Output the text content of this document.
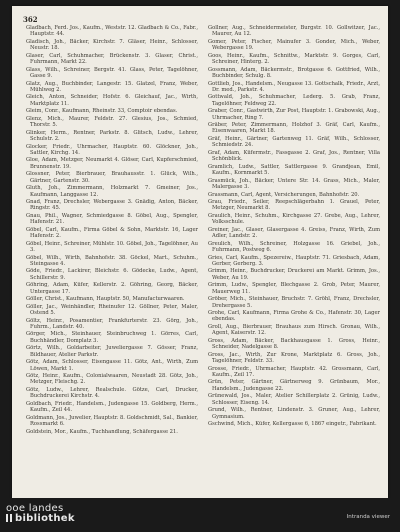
362

Gladbach, Ferd. Jos., Kaufm., Weststr. 12. Gladbach & Co., Fabr., Hauptstr. 44.

Gladisch, Joh., Bäcker, Kirchstr. 7. Gläser, Heinr., Schlosser, Neustr. 18.

Glaser, Carl, Schuhmacher, Brückenstr. 3. Glaser, Christ., Fuhrmann, Markt 22.

Glass, Wilh., Schreiner, Bergstr. 41. Glass, Peter, Tagelöhner, Gasse 9.

Glatz, Aug., Buchbinder, Langestr. 15. Glatzel, Franz, Weber, Mühlweg 2.

Gleich, Anton, Schneider, Hofstr. 6. Gleichauf, Jac., Wirth, Marktplatz 11.

Gleim, Conr., Kaufmann, Rheinstr. 33, Comptoir ebendas.

Glenz, Mich., Maurer, Feldstr. 27. Glesius, Jos., Schmied, Thorstr. 5.

Glinker, Herm., Rentner, Parkstr. 8. Glitsch, Ludw., Lehrer, Schulstr. 2.

Glocker, Friedr., Uhrmacher, Hauptstr. 60. Glöckner, Joh., Sattler, Kirchg. 14.

Gloe, Adam, Metzger, Neumarkt 4. Glöser, Carl, Kupferschmied, Brunnenstr. 19.

Glossner, Peter, Bierbrauer, Brauhausstr. 1. Glück, Wilh., Gärtner, Gartenstr. 30.

Gluth, Joh., Zimmermann, Holzmarkt 7. Gmeiner, Jos., Kaufmann, Langgasse 12.

Gnad, Franz, Drechsler, Webergasse 3. Gnädig, Anton, Bäcker, Ringstr. 45.

Gnau, Phil., Wagner, Schmiedgasse 8. Göbel, Aug., Spengler, Hafenstr. 21.

Göbel, Carl, Kaufm., Firma Göbel & Sohn, Marktstr. 16, Lager Hafenstr. 2.

Göbel, Heinr., Schreiner, Mühlstr. 10. Göbel, Joh., Tagelöhner, Au 3.

Göbel, Wilh., Wirth, Bahnhofstr. 38. Göckel, Mart., Schuhm., Steingasse 4.

Göde, Friedr., Lackirer, Bleichstr. 6. Gödecke, Ludw., Agent, Schillerstr. 9.

Göhring, Adam, Küfer, Kellerstr. 2. Göhring, Georg, Bäcker, Untergasse 17.

Göller, Christ., Kaufmann, Hauptstr. 50, Manufacturwaaren.

Göller, Jac., Weinhändler, Rheinufer 12. Göllner, Peter, Maler, Ostend 5.

Göltz, Heinr., Posamentier, Frankfurterstr. 23. Görg, Joh., Fuhrm., Landstr. 40.

Görger, Mich., Steinhauer, Steinbruchweg 1. Görres, Carl, Buchhändler, Domplatz 3.

Görtz, Wilh., Goldarbeiter, Juweliergasse 7. Gösser, Franz, Bildhauer, Atelier Parkstr.

Götz, Adam, Schlosser, Eisengasse 11. Götz, Ant., Wirth, Zum Löwen, Markt 1.

Götz, Heinr., Kaufm., Colonialwaaren, Neustadt 28. Götz, Joh., Metzger, Fleischg. 2.

Götz, Ludw., Lehrer, Realschule. Götze, Carl, Drucker, Buchdruckerei Kirchstr. 4.

Goldbach, Friedr., Handelsm., Judengasse 15. Goldberg, Herm., Kaufm., Zeil 44.

Goldmann, Jos., Juwelier, Hauptstr. 8. Goldschmidt, Sal., Bankier, Rossmarkt 6.

Goldstein, Mor., Kaufm., Tuchhandlung, Schäfergasse 21.

Gollner, Aug., Schneidermeister, Burgstr. 10. Gollwitzer, Jac., Maurer, Au 12.

Gomer, Peter, Fischer, Mainufer 3. Gonder, Mich., Weber, Webergasse 19.

Goos, Heinr., Kaufm., Schnittw., Marktstr. 9. Gorges, Carl, Schreiner, Hinterg. 2.

Gossmann, Adam, Bäckermstr., Brotgasse 6. Gottfried, Wilh., Buchbinder, Schulg. 8.

Gottlieb, Jos., Handelsm., Neugasse 13. Gottschalk, Friedr., Arzt, Dr. med., Parkstr. 4.

Gottwald, Joh., Schuhmacher, Lederg. 5. Grab, Franz, Tagelöhner, Feldweg 22.

Graber, Conr., Gastwirth, Zur Post, Hauptstr. 1. Grabowski, Aug., Uhrmacher, Ring 7.

Gräber, Peter, Zimmermann, Holzhof 3. Gräf, Carl, Kaufm., Eisenwaaren, Markt 18.

Gräf, Heinr., Gärtner, Gartenweg 11. Gräf, Wilh., Schlosser, Schmiedstr. 24.

Graf, Adam, Küfermstr., Fassgasse 2. Graf, Jos., Rentner, Villa Schönblick.

Gramlich, Ludw., Sattler, Sattlergasse 9. Grandjean, Emil, Kaufm., Kornmarkt 5.

Grasmück, Joh., Bäcker, Untere Str. 14. Grass, Mich., Maler, Malergasse 3.

Grassmann, Carl, Agent, Versicherungen, Bahnhofstr. 20.

Grau, Friedr., Seiler, Reepschlägerbahn 1. Grauel, Peter, Metzger, Neumarkt 8.

Graulich, Heinr., Schuhm., Kirchgasse 27. Grebe, Aug., Lehrer, Volksschule.

Greiner, Jac., Glaser, Glasergasse 4. Greiss, Franz, Wirth, Zum Adler, Landstr. 2.

Greulich, Wilh., Schreiner, Holzgasse 16. Griebel, Joh., Fuhrmann, Postweg 6.

Gries, Carl, Kaufm., Spezereiw., Hauptstr. 71. Griesbach, Adam, Gerber, Gerberg. 3.

Grimm, Heinr., Buchdrucker, Druckerei am Markt. Grimm, Jos., Weber, Au 19.

Grimm, Ludw., Spengler, Blechgasse 2. Grob, Peter, Maurer, Mauerweg 11.

Gröber, Mich., Steinhauer, Bruchstr. 7. Gröhl, Franz, Drechsler, Drehergasse 5.

Grohe, Carl, Kaufmann, Firma Grohe & Co., Hafenstr. 30, Lager ebendas.

Groll, Aug., Bierbrauer, Brauhaus zum Hirsch. Gronau, Wilh., Agent, Kaiserstr. 12.

Gross, Adam, Bäcker, Backhausgasse 1. Gross, Heinr., Schneider, Nadelgasse 8.

Gross, Jac., Wirth, Zur Krone, Marktplatz 6. Gross, Joh., Tagelöhner, Feldstr. 33.

Grosse, Friedr., Uhrmacher, Hauptstr. 42. Grossmann, Carl, Kaufm., Zeil 17.

Grün, Peter, Gärtner, Gärtnerweg 9. Grünbaum, Mor., Handelsm., Judengasse 22.

Grünewald, Jos., Maler, Atelier Schillerplatz 2. Grünig, Ludw., Schlosser, Eiseng. 14.

Grund, Wilh., Rentner, Lindenstr. 3. Gruner, Aug., Lehrer, Gymnasium.

Gschwind, Mich., Küfer, Kellergasse 6, 1867 eingetr., Fabrikant.

ooe landes
bibliothek	Intranda viewer
